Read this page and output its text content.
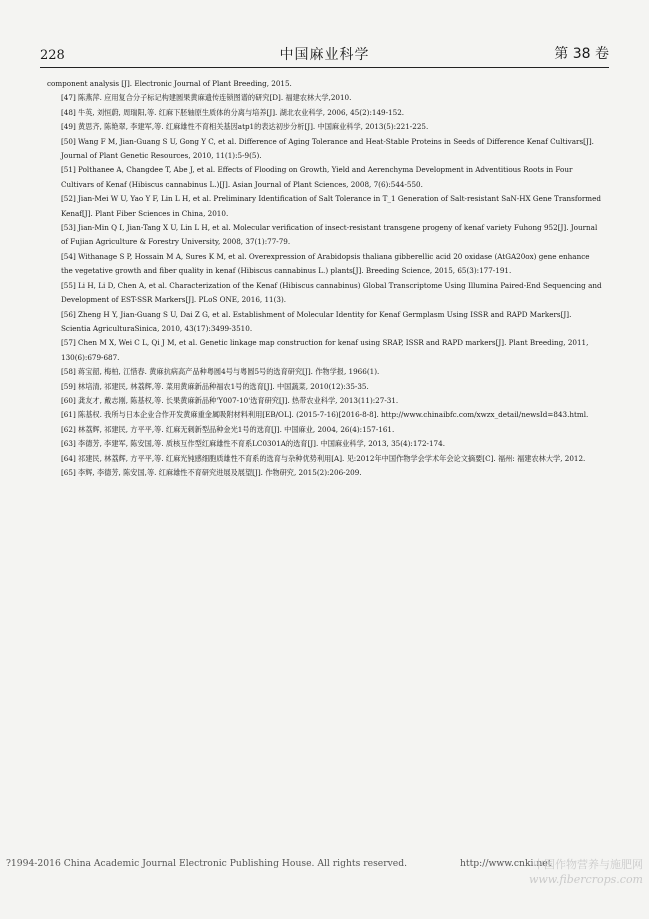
228	中国麻业科学	第 38 卷

component analysis [J]. Electronic Journal of Plant Breeding, 2015.

[47] 陈燕萍. 应用复合分子标记构建圆果黄麻遗传连锁图谱的研究[D]. 福建农林大学,2010.

[48] 牛英, 刘恒蔚, 周瑞阳,等. 红麻下胚轴原生质体的分离与培养[J]. 湖北农业科学, 2006, 45(2):149-152.

[49] 黄思齐, 陈艳翠, 李建军,等. 红麻雄性不育相关基因atp1的表达初步分析[J]. 中国麻业科学, 2013(5):221-225.

[50] Wang F M, Jian-Guang S U, Gong Y C, et al. Difference of Aging Tolerance and Heat-Stable Proteins in Seeds of Difference Kenaf Cultivars[J]. Journal of Plant Genetic Resources, 2010, 11(1):5-9(5).

[51] Polthanee A, Changdee T, Abe J, et al. Effects of Flooding on Growth, Yield and Aerenchyma Development in Adventitious Roots in Four Cultivars of Kenaf (Hibiscus cannabinus L.)[J]. Asian Journal of Plant Sciences, 2008, 7(6):544-550.

[52] Jian-Mei W U, Yao Y F, Lin L H, et al. Preliminary Identification of Salt Tolerance in T_1 Generation of Salt-resistant SaN-HX Gene Transformed Kenaf[J]. Plant Fiber Sciences in China, 2010.

[53] Jian-Min Q I, Jian-Tang X U, Lin L H, et al. Molecular verification of insect-resistant transgene progeny of kenaf variety Fuhong 952[J]. Journal of Fujian Agriculture & Forestry University, 2008, 37(1):77-79.

[54] Withanage S P, Hossain M A, Sures K M, et al. Overexpression of Arabidopsis thaliana gibberellic acid 20 oxidase (AtGA20ox) gene enhance the vegetative growth and fiber quality in kenaf (Hibiscus cannabinus L.) plants[J]. Breeding Science, 2015, 65(3):177-191.

[55] Li H, Li D, Chen A, et al. Characterization of the Kenaf (Hibiscus cannabinus) Global Transcriptome Using Illumina Paired-End Sequencing and Development of EST-SSR Markers[J]. PLoS ONE, 2016, 11(3).

[56] Zheng H Y, Jian-Guang S U, Dai Z G, et al. Establishment of Molecular Identity for Kenaf Germplasm Using ISSR and RAPD Markers[J]. Scientia AgriculturaSinica, 2010, 43(17):3499-3510.

[57] Chen M X, Wei C L, Qi J M, et al. Genetic linkage map construction for kenaf using SRAP, ISSR and RAPD markers[J]. Plant Breeding, 2011, 130(6):679-687.

[58] 蒋宝韶, 梅柏, 江惜春. 黄麻抗病高产品种粤圆4号与粤圆5号的选育研究[J]. 作物学报, 1966(1).

[59] 林培清, 祁建民, 林荔辉,等. 菜用黄麻新品种福农1号的选育[J]. 中国蔬菜, 2010(12):35-35.

[60] 龚友才, 戴志刚, 陈基权,等. 长果黄麻新品种'Y007-10'选育研究[J]. 热带农业科学, 2013(11):27-31.

[61] 陈基权. 我所与日本企业合作开发黄麻重金属吸附材料利用[EB/OL]. (2015-7-16)[2016-8-8]. http://www.chinaibfc.com/xwzx_detail/newsId=843.html.

[62] 林荔辉, 祁建民, 方平平,等. 红麻无刺新型品种金光1号的选育[J]. 中国麻业, 2004, 26(4):157-161.

[63] 李德芳, 李建军, 陈安国,等. 质核互作型红麻雄性不育系LC0301A的选育[J]. 中国麻业科学, 2013, 35(4):172-174.

[64] 祁建民, 林荔辉, 方平平,等. 红麻光钝感细胞质雄性不育系的选育与杂种优势利用[A]. 见:2012年中国作物学会学术年会论文摘要[C]. 福州: 福建农林大学, 2012.

[65] 李辉, 李德芳, 陈安国,等. 红麻雄性不育研究进展及展望[J]. 作物研究, 2015(2):206-209.

?1994-2016 China Academic Journal Electronic Publishing House. All rights reserved.	http://www.cnki.net
中国作物营养与施肥网
www.fibercrops.com
